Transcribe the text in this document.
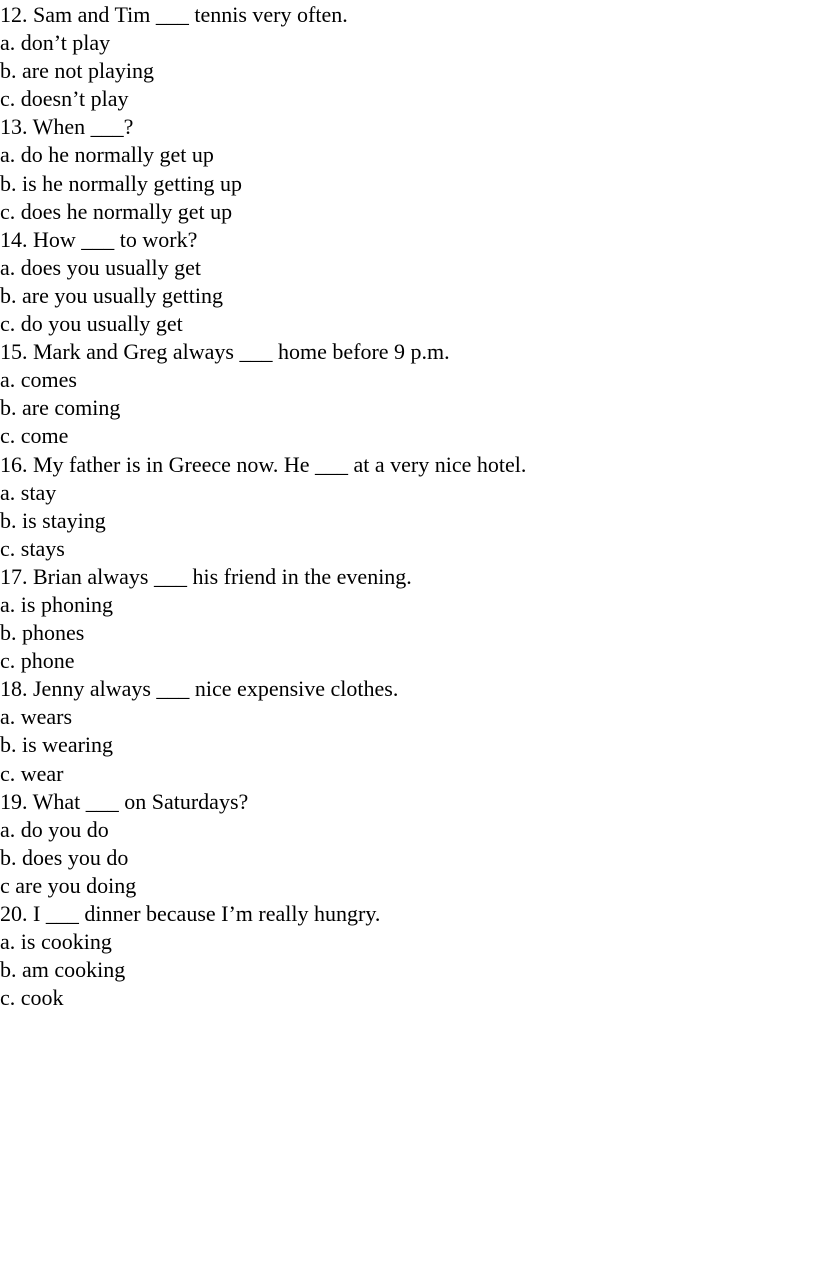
12. Sam and Tim ___ tennis very often.
a. don’t play
b. are not playing
c. doesn’t play
13. When ___?
a. do he normally get up
b. is he normally getting up
c. does he normally get up
14. How ___ to work?
a. does you usually get
b. are you usually getting
c. do you usually get
15. Mark and Greg always ___ home before 9 p.m.
a. comes
b. are coming
c. come
16. My father is in Greece now. He ___ at a very nice hotel.
a. stay
b. is staying
c. stays
17. Brian always ___ his friend in the evening.
a. is phoning
b. phones
c. phone
18. Jenny always ___ nice expensive clothes.
a. wears
b. is wearing
c. wear
19. What ___ on Saturdays?
a. do you do
b. does you do
c are you doing
20. I ___ dinner because I’m really hungry.
a. is cooking
b. am cooking
c. cook
